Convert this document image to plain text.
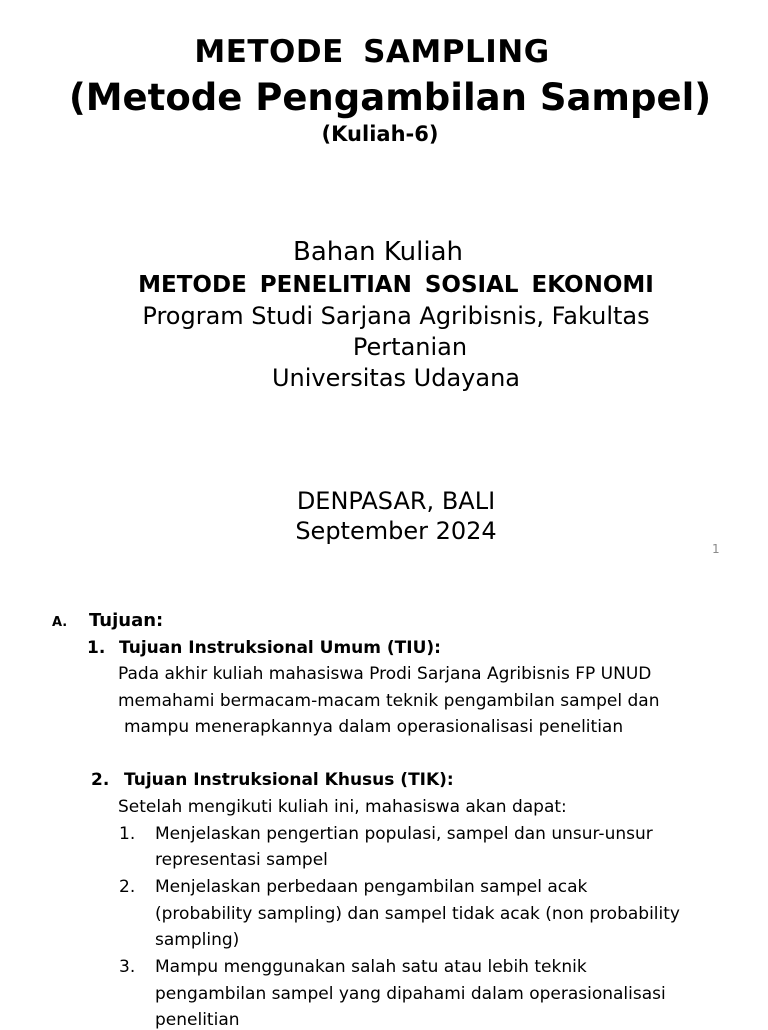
METODE SAMPLING

(Metode Pengambilan Sampel)

(Kuliah-6)

Bahan Kuliah

METODE PENELITIAN SOSIAL EKONOMI

Program Studi Sarjana Agribisnis, Fakultas

Pertanian

Universitas Udayana

DENPASAR, BALI

September 2024

1

A. Tujuan:

1. Tujuan Instruksional Umum (TIU):

Pada akhir kuliah mahasiswa Prodi Sarjana Agribisnis FP UNUD

memahami bermacam-macam teknik pengambilan sampel dan

mampu menerapkannya dalam operasionalisasi penelitian

2. Tujuan Instruksional Khusus (TIK):

Setelah mengikuti kuliah ini, mahasiswa akan dapat:

1. Menjelaskan pengertian populasi, sampel dan unsur-unsur

representasi sampel

2. Menjelaskan perbedaan pengambilan sampel acak

(probability sampling) dan sampel tidak acak (non probability

sampling)

3. Mampu menggunakan salah satu atau lebih teknik

pengambilan sampel yang dipahami dalam operasionalisasi

penelitian
